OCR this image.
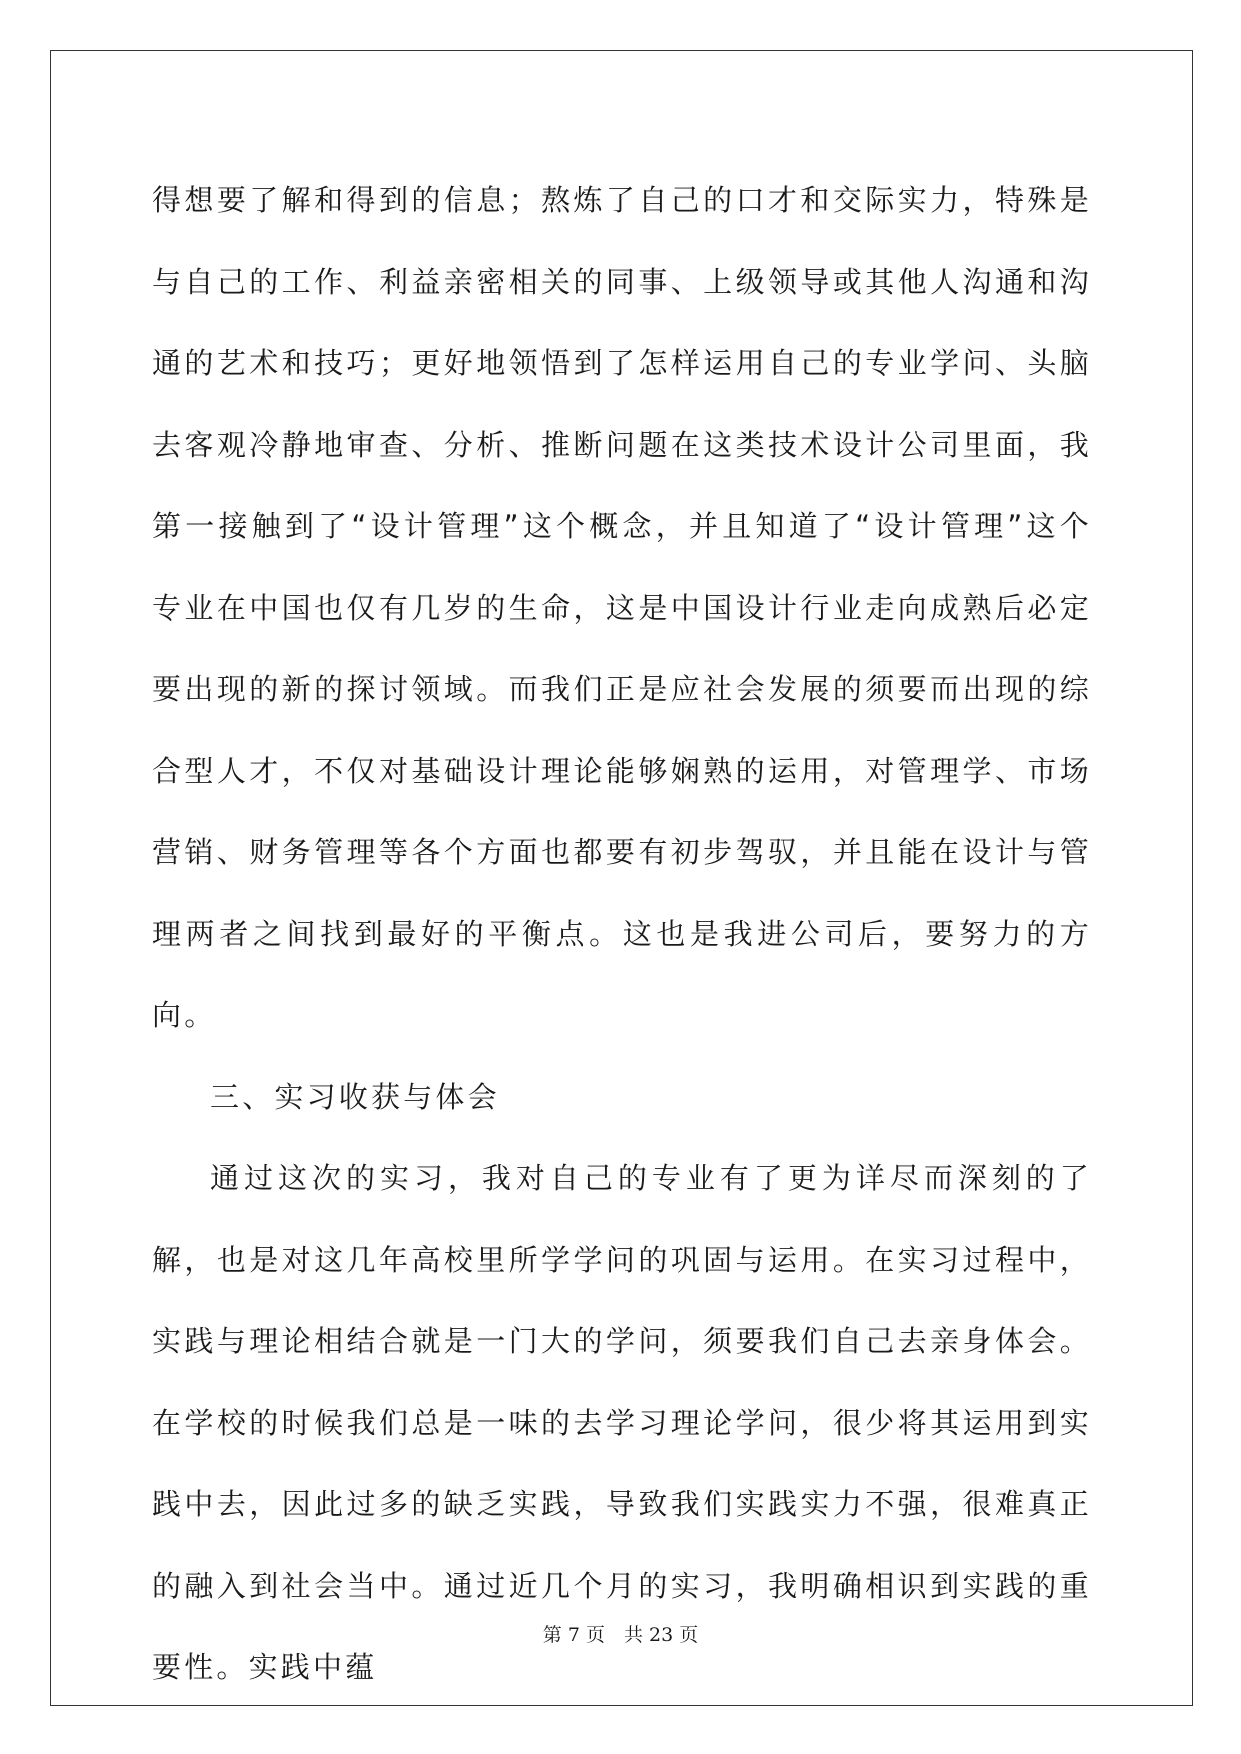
得想要了解和得到的信息；熬炼了自己的口才和交际实力，特殊是与自己的工作、利益亲密相关的同事、上级领导或其他人沟通和沟通的艺术和技巧；更好地领悟到了怎样运用自己的专业学问、头脑去客观冷静地审查、分析、推断问题在这类技术设计公司里面，我第一接触到了“设计管理”这个概念，并且知道了“设计管理”这个专业在中国也仅有几岁的生命，这是中国设计行业走向成熟后必定要出现的新的探讨领域。而我们正是应社会发展的须要而出现的综合型人才，不仅对基础设计理论能够娴熟的运用，对管理学、市场营销、财务管理等各个方面也都要有初步驾驭，并且能在设计与管理两者之间找到最好的平衡点。这也是我进公司后，要努力的方向。

三、实习收获与体会

通过这次的实习，我对自己的专业有了更为详尽而深刻的了解，也是对这几年高校里所学学问的巩固与运用。在实习过程中，实践与理论相结合就是一门大的学问，须要我们自己去亲身体会。在学校的时候我们总是一味的去学习理论学问，很少将其运用到实践中去，因此过多的缺乏实践，导致我们实践实力不强，很难真正的融入到社会当中。通过近几个月的实习，我明确相识到实践的重要性。实践中蕴

第 7 页　共 23 页
